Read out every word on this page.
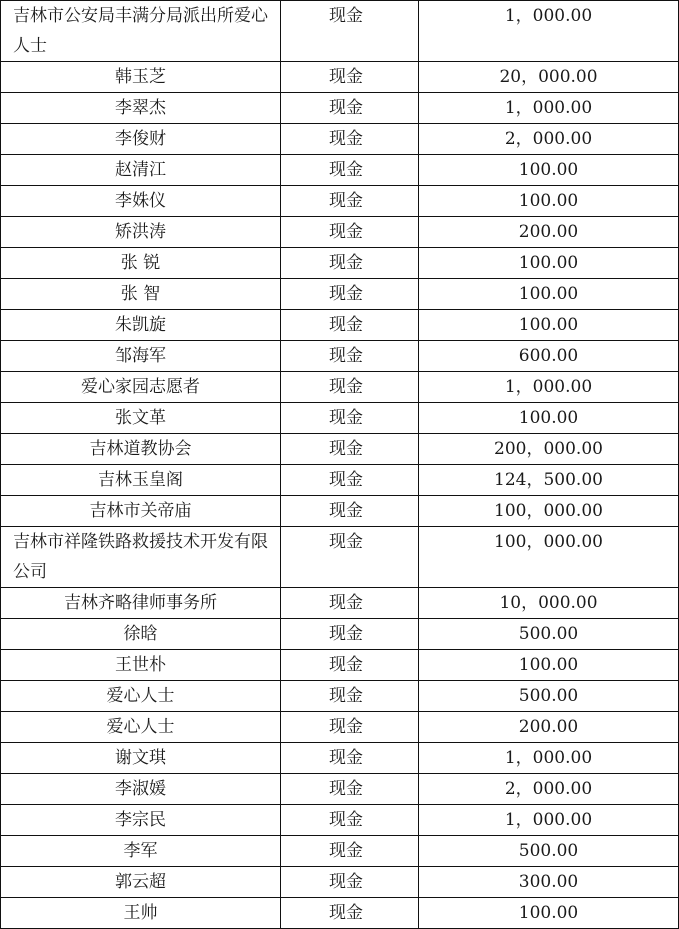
吉林市公安局丰满分局派出所爱心人士	现金	1，000.00
韩玉芝	现金	20，000.00
李翠杰	现金	1，000.00
李俊财	现金	2，000.00
赵清江	现金	100.00
李姝仪	现金	100.00
矫洪涛	现金	200.00
张 锐	现金	100.00
张 智	现金	100.00
朱凯旋	现金	100.00
邹海军	现金	600.00
爱心家园志愿者	现金	1，000.00
张文革	现金	100.00
吉林道教协会	现金	200，000.00
吉林玉皇阁	现金	124，500.00
吉林市关帝庙	现金	100，000.00
吉林市祥隆铁路救援技术开发有限公司	现金	100，000.00
吉林齐略律师事务所	现金	10，000.00
徐晗	现金	500.00
王世朴	现金	100.00
爱心人士	现金	500.00
爱心人士	现金	200.00
谢文琪	现金	1，000.00
李淑媛	现金	2，000.00
李宗民	现金	1，000.00
李军	现金	500.00
郭云超	现金	300.00
王帅	现金	100.00
